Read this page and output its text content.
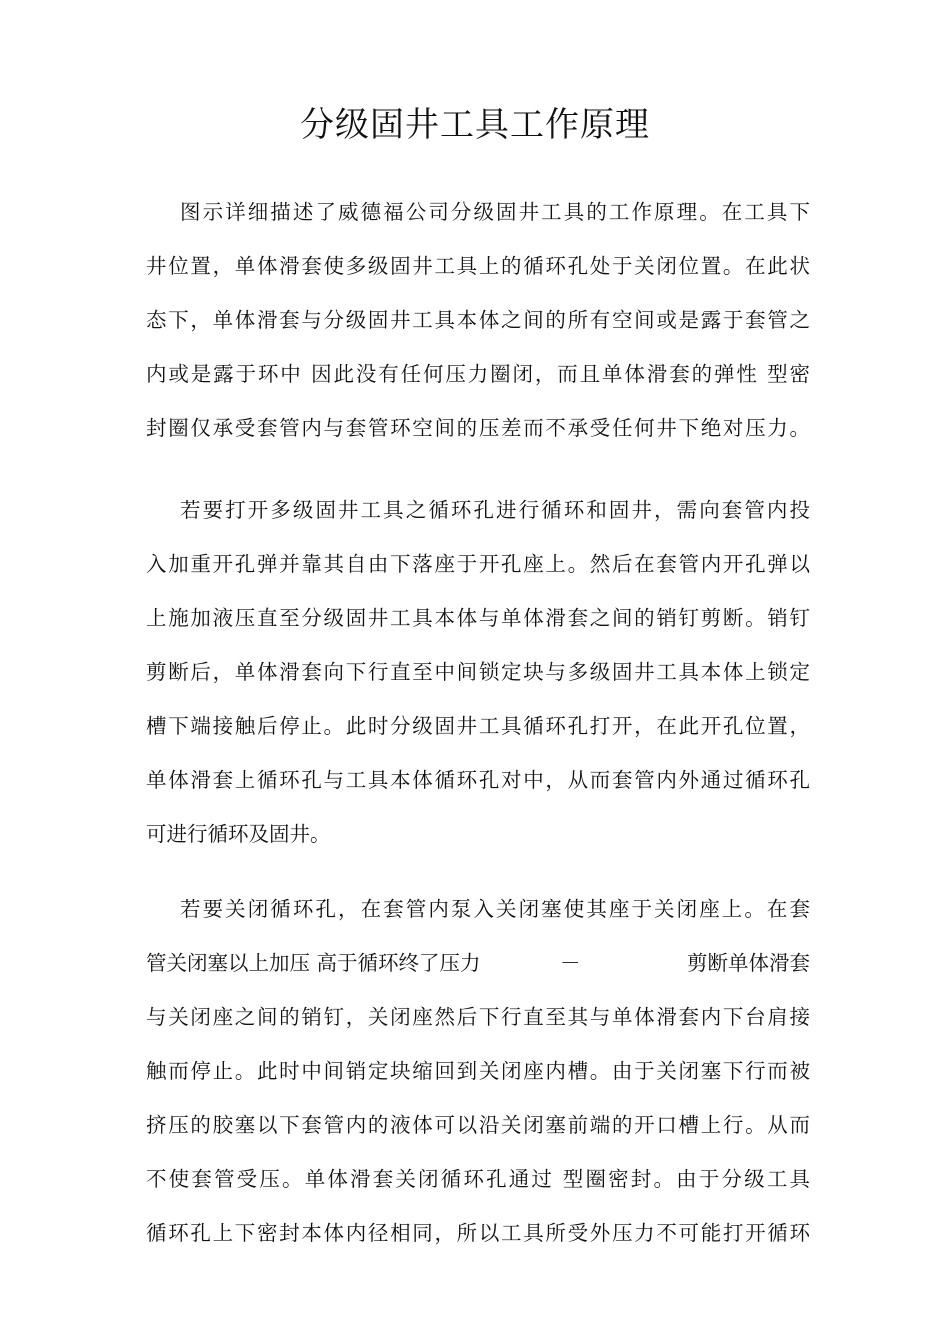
分级固井工具工作原理
图示详细描述了威德福公司分级固井工具的工作原理。在工具下
井位置，单体滑套使多级固井工具上的循环孔处于关闭位置。在此状
态下，单体滑套与分级固井工具本体之间的所有空间或是露于套管之
内或是露于环中 因此没有任何压力圈闭，而且单体滑套的弹性 型密
封圈仅承受套管内与套管环空间的压差而不承受任何井下绝对压力。
若要打开多级固井工具之循环孔进行循环和固井，需向套管内投
入加重开孔弹并靠其自由下落座于开孔座上。然后在套管内开孔弹以
上施加液压直至分级固井工具本体与单体滑套之间的销钉剪断。销钉
剪断后，单体滑套向下行直至中间锁定块与多级固井工具本体上锁定
槽下端接触后停止。此时分级固井工具循环孔打开，在此开孔位置，
单体滑套上循环孔与工具本体循环孔对中，从而套管内外通过循环孔
可进行循环及固井。
若要关闭循环孔，在套管内泵入关闭塞使其座于关闭座上。在套
管关闭塞以上加压 高于循环终了压力	－	剪断单体滑套
与关闭座之间的销钉，关闭座然后下行直至其与单体滑套内下台肩接
触而停止。此时中间销定块缩回到关闭座内槽。由于关闭塞下行而被
挤压的胶塞以下套管内的液体可以沿关闭塞前端的开口槽上行。从而
不使套管受压。单体滑套关闭循环孔通过 型圈密封。由于分级工具
循环孔上下密封本体内径相同，所以工具所受外压力不可能打开循环
